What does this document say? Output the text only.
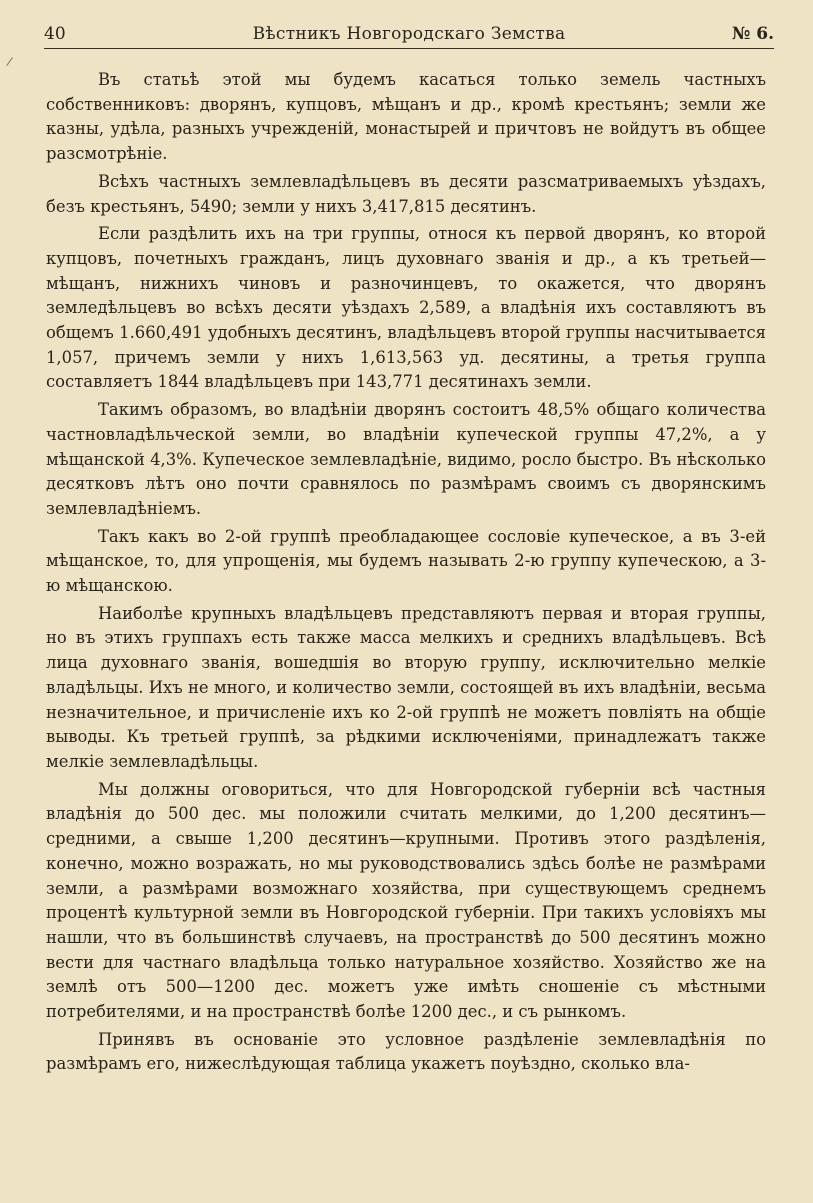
40	Вѣстникъ Новгородскаго Земства	№ 6.

Въ статьѣ этой мы будемъ касаться только земель частныхъ собственниковъ: дворянъ, купцовъ, мѣщанъ и др., кромѣ крестьянъ; земли же казны, удѣла, разныхъ учрежденій, монастырей и причтовъ не войдутъ въ общее разсмотрѣніе.

Всѣхъ частныхъ землевладѣльцевъ въ десяти разсматриваемыхъ уѣздахъ, безъ крестьянъ, 5490; земли у нихъ 3,417,815 десятинъ.

Если раздѣлить ихъ на три группы, относя къ первой дворянъ, ко второй купцовъ, почетныхъ гражданъ, лицъ духовнаго званія и др., а къ третьей—мѣщанъ, нижнихъ чиновъ и разночинцевъ, то окажется, что дворянъ земледѣльцевъ во всѣхъ десяти уѣздахъ 2,589, а владѣнія ихъ составляютъ въ общемъ 1.660,491 удобныхъ десятинъ, владѣльцевъ второй группы насчитывается 1,057, причемъ земли у нихъ 1,613,563 уд. десятины, а третья группа составляетъ 1844 владѣльцевъ при 143,771 десятинахъ земли.

Такимъ образомъ, во владѣніи дворянъ состоитъ 48,5% общаго количества частновладѣльческой земли, во владѣніи купеческой группы 47,2%, а у мѣщанской 4,3%. Купеческое землевладѣніе, видимо, росло быстро. Въ нѣсколько десятковъ лѣтъ оно почти сравнялось по размѣрамъ своимъ съ дворянскимъ землевладѣніемъ.

Такъ какъ во 2-ой группѣ преобладающее сословіе купеческое, а въ 3-ей мѣщанское, то, для упрощенія, мы будемъ называть 2-ю группу купеческою, а 3-ю мѣщанскою.

Наиболѣе крупныхъ владѣльцевъ представляютъ первая и вторая группы, но въ этихъ группахъ есть также масса мелкихъ и среднихъ владѣльцевъ. Всѣ лица духовнаго званія, вошедшія во вторую группу, исключительно мелкіе владѣльцы. Ихъ не много, и количество земли, состоящей въ ихъ владѣніи, весьма незначительное, и причисленіе ихъ ко 2-ой группѣ не можетъ повліять на общіе выводы. Къ третьей группѣ, за рѣдкими исключеніями, принадлежатъ также мелкіе землевладѣльцы.

Мы должны оговориться, что для Новгородской губерніи всѣ частныя владѣнія до 500 дес. мы положили считать мелкими, до 1,200 десятинъ—средними, а свыше 1,200 десятинъ—крупными. Противъ этого раздѣленія, конечно, можно возражать, но мы руководствовались здѣсь болѣе не размѣрами земли, а размѣрами возможнаго хозяйства, при существующемъ среднемъ процентѣ культурной земли въ Новгородской губерніи. При такихъ условіяхъ мы нашли, что въ большинствѣ случаевъ, на пространствѣ до 500 десятинъ можно вести для частнаго владѣльца только натуральное хозяйство. Хозяйство же на землѣ отъ 500—1200 дес. можетъ уже имѣть сношеніе съ мѣстными потребителями, и на пространствѣ болѣе 1200 дес., и съ рынкомъ.

Принявъ въ основаніе это условное раздѣленіе землевладѣнія по размѣрамъ его, нижеслѣдующая таблица укажетъ поуѣздно, сколько вла-
